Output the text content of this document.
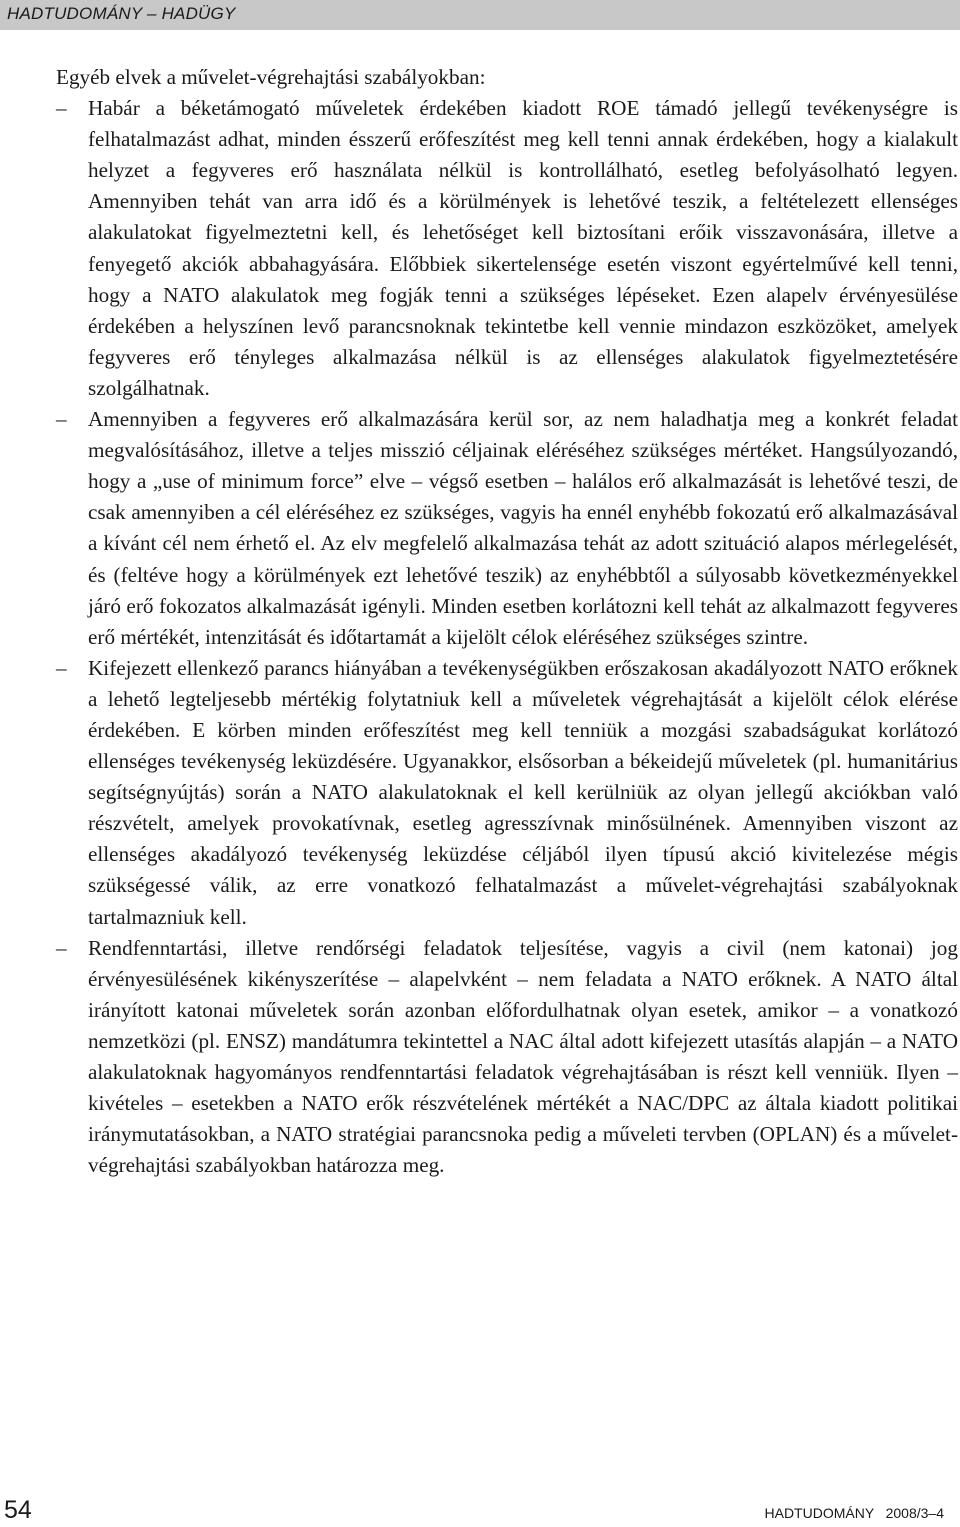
HADTUDOMÁNY – HADÜGY

Egyéb elvek a művelet-végrehajtási szabályokban:

– Habár a béketámogató műveletek érdekében kiadott ROE támadó jellegű tevékenységre is felhatalmazást adhat, minden ésszerű erőfeszítést meg kell tenni annak érdekében, hogy a kialakult helyzet a fegyveres erő használata nélkül is kontrollálható, esetleg befolyásolható legyen. Amennyiben tehát van arra idő és a körülmények is lehetővé teszik, a feltételezett ellenséges alakulatokat figyelmeztetni kell, és lehetőséget kell biztosítani erőik visszavonására, illetve a fenyegető akciók abbahagyására. Előbbiek sikertelensége esetén viszont egyértelművé kell tenni, hogy a NATO alakulatok meg fogják tenni a szükséges lépéseket. Ezen alapelv érvényesülése érdekében a helyszínen levő parancsnoknak tekintetbe kell vennie mindazon eszközöket, amelyek fegyveres erő tényleges alkalmazása nélkül is az ellenséges alakulatok figyelmeztetésére szolgálhatnak.

– Amennyiben a fegyveres erő alkalmazására kerül sor, az nem haladhatja meg a konkrét feladat megvalósításához, illetve a teljes misszió céljainak eléréséhez szükséges mértéket. Hangsúlyozandó, hogy a „use of minimum force” elve – végső esetben – halálos erő alkalmazását is lehetővé teszi, de csak amennyiben a cél eléréséhez ez szükséges, vagyis ha ennél enyhébb fokozatú erő alkalmazásával a kívánt cél nem érhető el. Az elv megfelelő alkalmazása tehát az adott szituáció alapos mérlegelését, és (feltéve hogy a körülmények ezt lehetővé teszik) az enyhébbtől a súlyosabb következményekkel járó erő fokozatos alkalmazását igényli. Minden esetben korlátozni kell tehát az alkalmazott fegyveres erő mértékét, intenzitását és időtartamát a kijelölt célok eléréséhez szükséges szintre.

– Kifejezett ellenkező parancs hiányában a tevékenységükben erőszakosan akadályozott NATO erőknek a lehető legteljesebb mértékig folytatniuk kell a műveletek végrehajtását a kijelölt célok elérése érdekében. E körben minden erőfeszítést meg kell tenniük a mozgási szabadságukat korlátozó ellenséges tevékenység leküzdésére. Ugyanakkor, elsősorban a békeidejű műveletek (pl. humanitárius segítségnyújtás) során a NATO alakulatoknak el kell kerülniük az olyan jellegű akciókban való részvételt, amelyek provokatívnak, esetleg agresszívnak minősülnének. Amennyiben viszont az ellenséges akadályozó tevékenység leküzdése céljából ilyen típusú akció kivitelezése mégis szükségessé válik, az erre vonatkozó felhatalmazást a művelet-végrehajtási szabályoknak tartalmazniuk kell.

– Rendfenntartási, illetve rendőrségi feladatok teljesítése, vagyis a civil (nem katonai) jog érvényesülésének kikényszerítése – alapelvként – nem feladata a NATO erőknek. A NATO által irányított katonai műveletek során azonban előfordulhatnak olyan esetek, amikor – a vonatkozó nemzetközi (pl. ENSZ) mandátumra tekintettel a NAC által adott kifejezett utasítás alapján – a NATO alakulatoknak hagyományos rendfenntartási feladatok végrehajtásában is részt kell venniük. Ilyen – kivételes – esetekben a NATO erők részvételének mértékét a NAC/DPC az általa kiadott politikai iránymutatásokban, a NATO stratégiai parancsnoka pedig a műveleti tervben (OPLAN) és a művelet-végrehajtási szabályokban határozza meg.

54	HADTUDOMÁNY 2008/3–4
